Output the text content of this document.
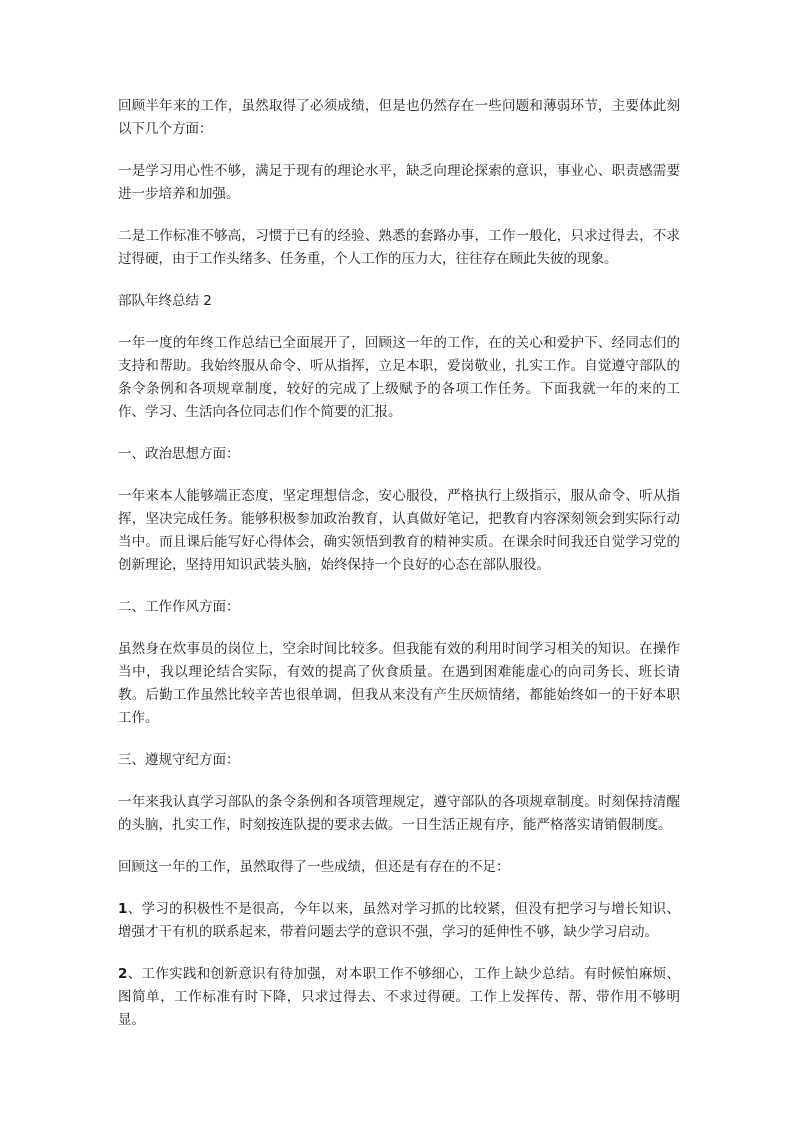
回顾半年来的工作，虽然取得了必须成绩，但是也仍然存在一些问题和薄弱环节，主要体此刻以下几个方面：

一是学习用心性不够，满足于现有的理论水平，缺乏向理论探索的意识，事业心、职责感需要进一步培养和加强。

二是工作标准不够高，习惯于已有的经验、熟悉的套路办事，工作一般化，只求过得去，不求过得硬，由于工作头绪多、任务重，个人工作的压力大，往往存在顾此失彼的现象。

部队年终总结 2

一年一度的年终工作总结已全面展开了，回顾这一年的工作，在的关心和爱护下、经同志们的支持和帮助。我始终服从命令、听从指挥，立足本职，爱岗敬业，扎实工作。自觉遵守部队的条令条例和各项规章制度，较好的完成了上级赋予的各项工作任务。下面我就一年的来的工作、学习、生活向各位同志们作个简要的汇报。

一、政治思想方面：

一年来本人能够端正态度，坚定理想信念，安心服役，严格执行上级指示，服从命令、听从指挥，坚决完成任务。能够积极参加政治教育，认真做好笔记，把教育内容深刻领会到实际行动当中。而且课后能写好心得体会，确实领悟到教育的精神实质。在课余时间我还自觉学习党的创新理论，坚持用知识武装头脑，始终保持一个良好的心态在部队服役。

二、工作作风方面：

虽然身在炊事员的岗位上，空余时间比较多。但我能有效的利用时间学习相关的知识。在操作当中，我以理论结合实际，有效的提高了伙食质量。在遇到困难能虚心的向司务长、班长请教。后勤工作虽然比较辛苦也很单调，但我从来没有产生厌烦情绪，都能始终如一的干好本职工作。

三、遵规守纪方面：

一年来我认真学习部队的条令条例和各项管理规定，遵守部队的各项规章制度。时刻保持清醒的头脑，扎实工作，时刻按连队提的要求去做。一日生活正规有序，能严格落实请销假制度。

回顾这一年的工作，虽然取得了一些成绩，但还是有存在的不足：

1、学习的积极性不是很高，今年以来，虽然对学习抓的比较紧，但没有把学习与增长知识、增强才干有机的联系起来，带着问题去学的意识不强，学习的延伸性不够，缺少学习启动。

2、工作实践和创新意识有待加强，对本职工作不够细心，工作上缺少总结。有时候怕麻烦、图简单，工作标准有时下降，只求过得去、不求过得硬。工作上发挥传、帮、带作用不够明显。
